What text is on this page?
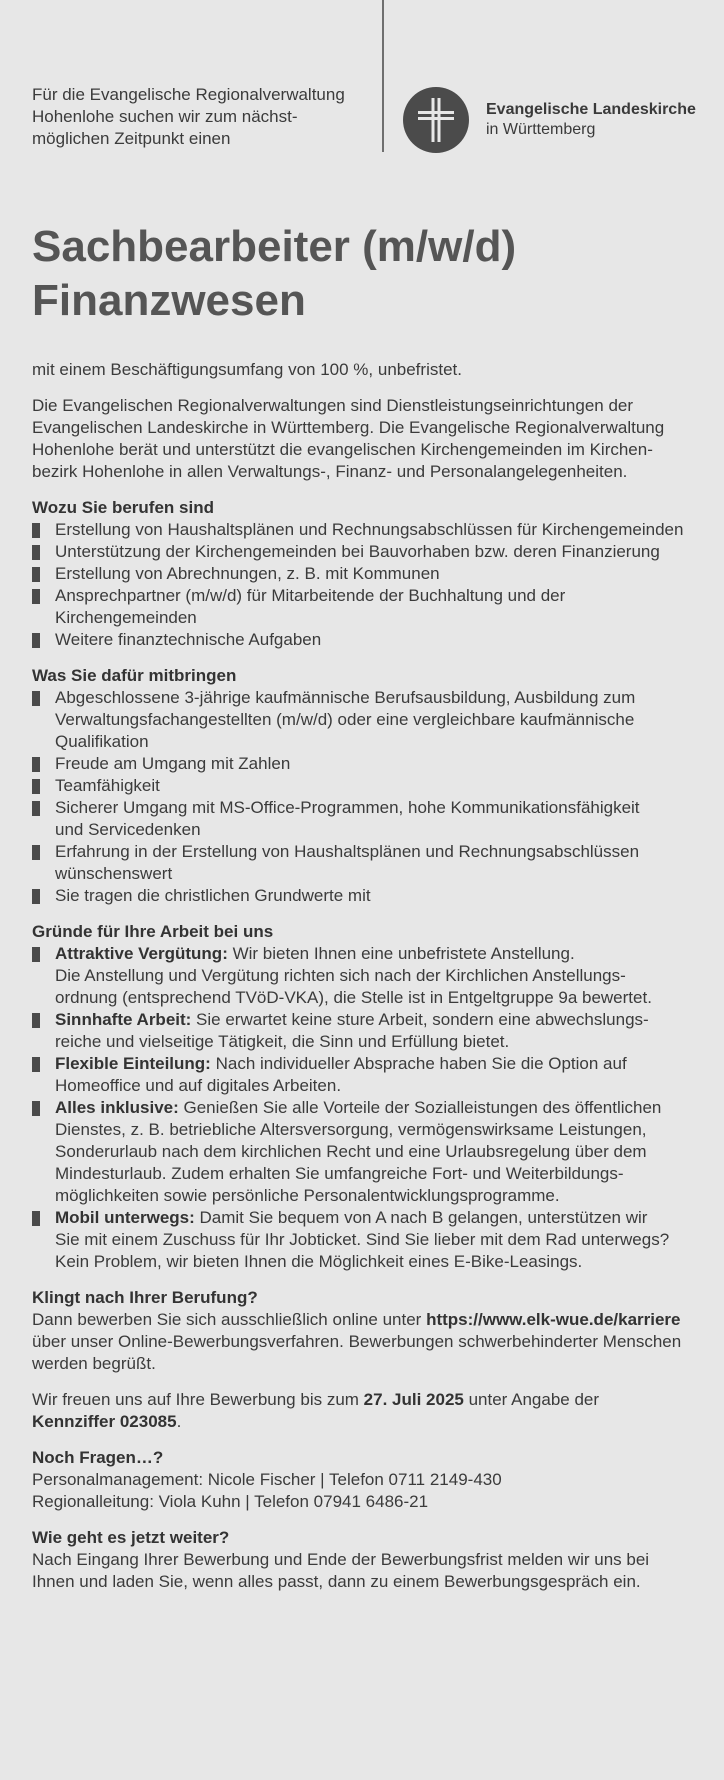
Für die Evangelische Regionalverwaltung
Hohenlohe suchen wir zum nächst-
möglichen Zeitpunkt einen
Evangelische Landeskirche
in Württemberg
Sachbearbeiter (m/w/d)
Finanzwesen

mit einem Beschäftigungsumfang von 100 %, unbefristet.

Die Evangelischen Regionalverwaltungen sind Dienstleistungseinrichtungen der
Evangelischen Landeskirche in Württemberg. Die Evangelische Regionalverwaltung
Hohenlohe berät und unterstützt die evangelischen Kirchengemeinden im Kirchen-
bezirk Hohenlohe in allen Verwaltungs-, Finanz- und Personalangelegenheiten.

Wozu Sie berufen sind
Erstellung von Haushaltsplänen und Rechnungsabschlüssen für Kirchengemeinden
Unterstützung der Kirchengemeinden bei Bauvorhaben bzw. deren Finanzierung
Erstellung von Abrechnungen, z. B. mit Kommunen
Ansprechpartner (m/w/d) für Mitarbeitende der Buchhaltung und der
Kirchengemeinden
Weitere finanztechnische Aufgaben
Was Sie dafür mitbringen
Abgeschlossene 3-jährige kaufmännische Berufsausbildung, Ausbildung zum
Verwaltungsfachangestellten (m/w/d) oder eine vergleichbare kaufmännische
Qualifikation
Freude am Umgang mit Zahlen
Teamfähigkeit
Sicherer Umgang mit MS-Office-Programmen, hohe Kommunikationsfähigkeit
und Servicedenken
Erfahrung in der Erstellung von Haushaltsplänen und Rechnungsabschlüssen
wünschenswert
Sie tragen die christlichen Grundwerte mit
Gründe für Ihre Arbeit bei uns
Attraktive Vergütung: Wir bieten Ihnen eine unbefristete Anstellung.
Die Anstellung und Vergütung richten sich nach der Kirchlichen Anstellungs-
ordnung (entsprechend TVöD-VKA), die Stelle ist in Entgeltgruppe 9a bewertet.
Sinnhafte Arbeit: Sie erwartet keine sture Arbeit, sondern eine abwechslungs-
reiche und vielseitige Tätigkeit, die Sinn und Erfüllung bietet.
Flexible Einteilung: Nach individueller Absprache haben Sie die Option auf
Homeoffice und auf digitales Arbeiten.
Alles inklusive: Genießen Sie alle Vorteile der Sozialleistungen des öffentlichen
Dienstes, z. B. betriebliche Altersversorgung, vermögenswirksame Leistungen,
Sonderurlaub nach dem kirchlichen Recht und eine Urlaubsregelung über dem
Mindesturlaub. Zudem erhalten Sie umfangreiche Fort- und Weiterbildungs-
möglichkeiten sowie persönliche Personalentwicklungsprogramme.
Mobil unterwegs: Damit Sie bequem von A nach B gelangen, unterstützen wir
Sie mit einem Zuschuss für Ihr Jobticket. Sind Sie lieber mit dem Rad unterwegs?
Kein Problem, wir bieten Ihnen die Möglichkeit eines E-Bike-Leasings.
Klingt nach Ihrer Berufung?

Dann bewerben Sie sich ausschließlich online unter https://www.elk-wue.de/karriere
über unser Online-Bewerbungsverfahren. Bewerbungen schwerbehinderter Menschen
werden begrüßt.

Wir freuen uns auf Ihre Bewerbung bis zum 27. Juli 2025 unter Angabe der
Kennziffer 023085.

Noch Fragen…?

Personalmanagement: Nicole Fischer | Telefon 0711 2149-430
Regionalleitung: Viola Kuhn | Telefon 07941 6486-21

Wie geht es jetzt weiter?

Nach Eingang Ihrer Bewerbung und Ende der Bewerbungsfrist melden wir uns bei
Ihnen und laden Sie, wenn alles passt, dann zu einem Bewerbungsgespräch ein.
